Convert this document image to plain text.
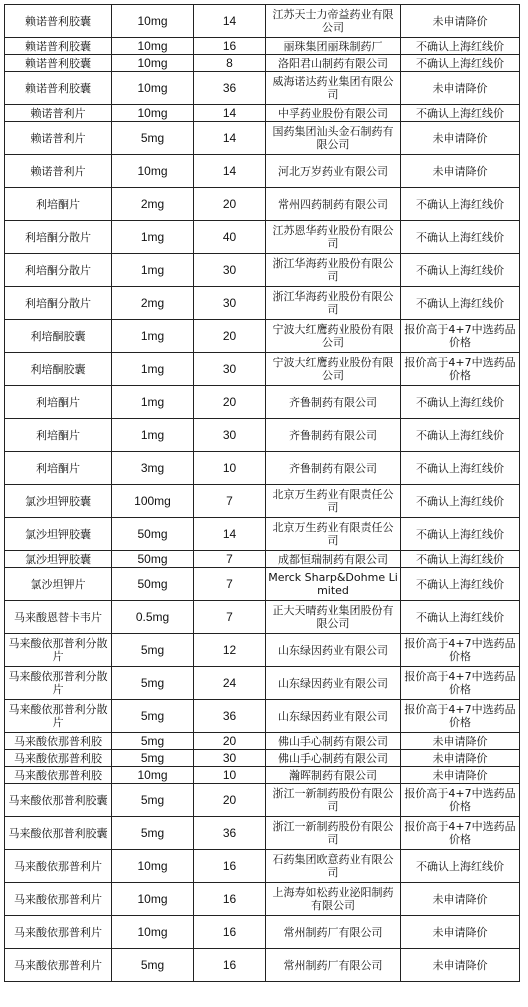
赖诺普利胶囊	10mg	14	江苏天士力帝益药业有限公司	未申请降价
赖诺普利胶囊	10mg	16	丽珠集团丽珠制药厂	不确认上海红线价
赖诺普利胶囊	10mg	8	洛阳君山制药有限公司	不确认上海红线价
赖诺普利胶囊	10mg	36	威海诺达药业集团有限公司	未申请降价
赖诺普利片	10mg	14	中孚药业股份有限公司	不确认上海红线价
赖诺普利片	5mg	14	国药集团汕头金石制药有限公司	未申请降价
赖诺普利片	10mg	14	河北万岁药业有限公司	未申请降价
利培酮片	2mg	20	常州四药制药有限公司	不确认上海红线价
利培酮分散片	1mg	40	江苏恩华药业股份有限公司	不确认上海红线价
利培酮分散片	1mg	30	浙江华海药业股份有限公司	不确认上海红线价
利培酮分散片	2mg	30	浙江华海药业股份有限公司	不确认上海红线价
利培酮胶囊	1mg	20	宁波大红鹰药业股份有限公司	报价高于4+7中选药品价格
利培酮胶囊	1mg	30	宁波大红鹰药业股份有限公司	报价高于4+7中选药品价格
利培酮片	1mg	20	齐鲁制药有限公司	不确认上海红线价
利培酮片	1mg	30	齐鲁制药有限公司	不确认上海红线价
利培酮片	3mg	10	齐鲁制药有限公司	不确认上海红线价
氯沙坦钾胶囊	100mg	7	北京万生药业有限责任公司	不确认上海红线价
氯沙坦钾胶囊	50mg	14	北京万生药业有限责任公司	不确认上海红线价
氯沙坦钾胶囊	50mg	7	成都恒瑞制药有限公司	不确认上海红线价
氯沙坦钾片	50mg	7	Merck Sharp&Dohme Limited	不确认上海红线价
马来酸恩替卡韦片	0.5mg	7	正大天晴药业集团股份有限公司	不确认上海红线价
马来酸依那普利分散片	5mg	12	山东绿因药业有限公司	报价高于4+7中选药品价格
马来酸依那普利分散片	5mg	24	山东绿因药业有限公司	报价高于4+7中选药品价格
马来酸依那普利分散片	5mg	36	山东绿因药业有限公司	报价高于4+7中选药品价格
马来酸依那普利胶	5mg	20	佛山手心制药有限公司	未申请降价
马来酸依那普利胶	5mg	30	佛山手心制药有限公司	未申请降价
马来酸依那普利胶	10mg	10	瀚晖制药有限公司	未申请降价
马来酸依那普利胶囊	5mg	20	浙江一新制药股份有限公司	报价高于4+7中选药品价格
马来酸依那普利胶囊	5mg	36	浙江一新制药股份有限公司	报价高于4+7中选药品价格
马来酸依那普利片	10mg	16	石药集团欧意药业有限公司	不确认上海红线价
马来酸依那普利片	10mg	16	上海寿如松药业泌阳制药有限公司	未申请降价
马来酸依那普利片	10mg	16	常州制药厂有限公司	未申请降价
马来酸依那普利片	5mg	16	常州制药厂有限公司	未申请降价
